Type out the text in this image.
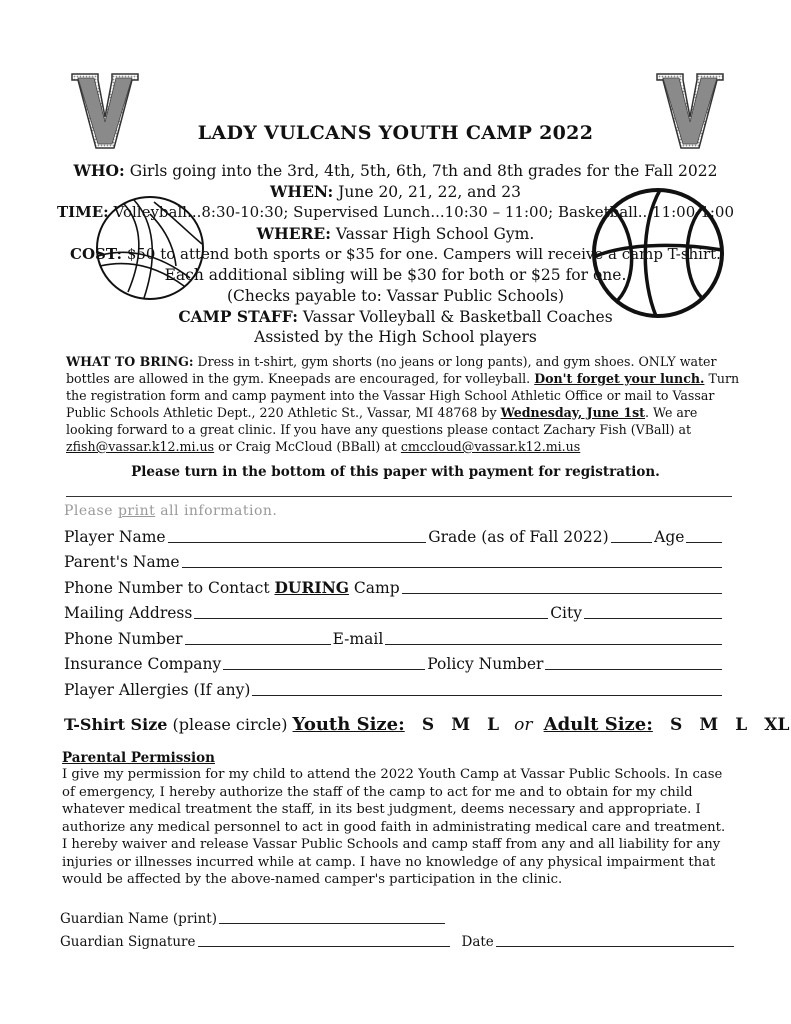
LADY VULCANS YOUTH CAMP 2022
WHO: Girls going into the 3rd, 4th, 5th, 6th, 7th and 8th grades for the Fall 2022
WHEN: June 20, 21, 22, and 23
TIME: Volleyball...8:30-10:30; Supervised Lunch...10:30 – 11:00; Basketball...11:00-1:00
WHERE: Vassar High School Gym.
COST: $50 to attend both sports or $35 for one. Campers will receive a camp T-shirt.
Each additional sibling will be $30 for both or $25 for one.
(Checks payable to: Vassar Public Schools)
CAMP STAFF: Vassar Volleyball & Basketball Coaches
Assisted by the High School players
WHAT TO BRING: Dress in t-shirt, gym shorts (no jeans or long pants), and gym shoes. ONLY water bottles are allowed in the gym. Kneepads are encouraged, for volleyball. Don't forget your lunch. Turn the registration form and camp payment into the Vassar High School Athletic Office or mail to Vassar Public Schools Athletic Dept., 220 Athletic St., Vassar, MI 48768 by Wednesday, June 1st. We are looking forward to a great clinic. If you have any questions please contact Zachary Fish (VBall) at zfish@vassar.k12.mi.us or Craig McCloud (BBall) at cmccloud@vassar.k12.mi.us
Please turn in the bottom of this paper with payment for registration.
Please print all information.
Player Name	Grade (as of Fall 2022)	Age
Parent's Name
Phone Number to Contact DURING Camp
Mailing Address	City
Phone Number	E-mail
Insurance Company	Policy Number
Player Allergies (If any)
T-Shirt Size (please circle) Youth Size: S M L or Adult Size: S M L XL
Parental Permission
I give my permission for my child to attend the 2022 Youth Camp at Vassar Public Schools. In case of emergency, I hereby authorize the staff of the camp to act for me and to obtain for my child whatever medical treatment the staff, in its best judgment, deems necessary and appropriate. I authorize any medical personnel to act in good faith in administrating medical care and treatment. I hereby waiver and release Vassar Public Schools and camp staff from any and all liability for any injuries or illnesses incurred while at camp. I have no knowledge of any physical impairment that would be affected by the above-named camper's participation in the clinic.
Guardian Name (print)
Guardian Signature	Date
